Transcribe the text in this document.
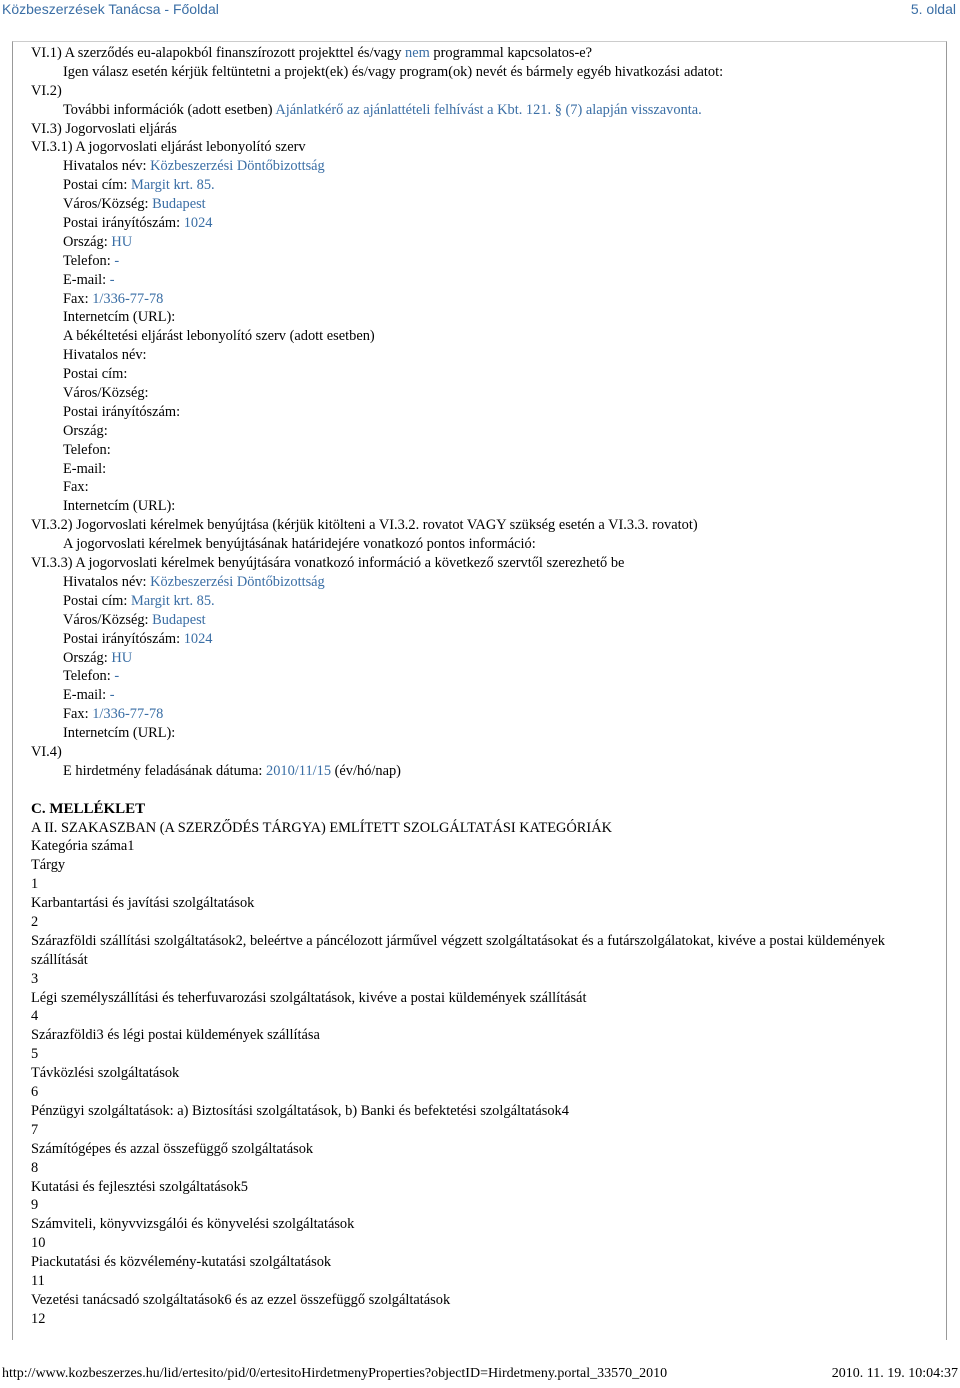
Közbeszerzések Tanácsa - Főoldal	5. oldal
VI.1) A szerződés eu-alapokból finanszírozott projekttel és/vagy nem programmal kapcsolatos-e?
Igen válasz esetén kérjük feltüntetni a projekt(ek) és/vagy program(ok) nevét és bármely egyéb hivatkozási adatot:
VI.2)
További információk (adott esetben) Ajánlatkérő az ajánlattételi felhívást a Kbt. 121. § (7) alapján visszavonta.
VI.3) Jogorvoslati eljárás
VI.3.1) A jogorvoslati eljárást lebonyolító szerv
Hivatalos név: Közbeszerzési Döntőbizottság
Postai cím: Margit krt. 85.
Város/Község: Budapest
Postai irányítószám: 1024
Ország: HU
Telefon: -
E-mail: -
Fax: 1/336-77-78
Internetcím (URL):
A békéltetési eljárást lebonyolító szerv (adott esetben)
Hivatalos név:
Postai cím:
Város/Község:
Postai irányítószám:
Ország:
Telefon:
E-mail:
Fax:
Internetcím (URL):
VI.3.2) Jogorvoslati kérelmek benyújtása (kérjük kitölteni a VI.3.2. rovatot VAGY szükség esetén a VI.3.3. rovatot)
A jogorvoslati kérelmek benyújtásának határidejére vonatkozó pontos információ:
VI.3.3) A jogorvoslati kérelmek benyújtására vonatkozó információ a következő szervtől szerezhető be
Hivatalos név: Közbeszerzési Döntőbizottság
Postai cím: Margit krt. 85.
Város/Község: Budapest
Postai irányítószám: 1024
Ország: HU
Telefon: -
E-mail: -
Fax: 1/336-77-78
Internetcím (URL):
VI.4)
E hirdetmény feladásának dátuma: 2010/11/15 (év/hó/nap)
C. MELLÉKLET
A II. SZAKASZBAN (A SZERZŐDÉS TÁRGYA) EMLÍTETT SZOLGÁLTATÁSI KATEGÓRIÁK
Kategória száma1
Tárgy
1
Karbantartási és javítási szolgáltatások
2
Szárazföldi szállítási szolgáltatások2, beleértve a páncélozott járművel végzett szolgáltatásokat és a futárszolgálatokat, kivéve a postai küldemények szállítását
3
Légi személyszállítási és teherfuvarozási szolgáltatások, kivéve a postai küldemények szállítását
4
Szárazföldi3 és légi postai küldemények szállítása
5
Távközlési szolgáltatások
6
Pénzügyi szolgáltatások: a) Biztosítási szolgáltatások, b) Banki és befektetési szolgáltatások4
7
Számítógépes és azzal összefüggő szolgáltatások
8
Kutatási és fejlesztési szolgáltatások5
9
Számviteli, könyvvizsgálói és könyvelési szolgáltatások
10
Piackutatási és közvélemény-kutatási szolgáltatások
11
Vezetési tanácsadó szolgáltatások6 és az ezzel összefüggő szolgáltatások
12
http://www.kozbeszerzes.hu/lid/ertesito/pid/0/ertesitoHirdetmenyProperties?objectID=Hirdetmeny.portal_33570_2010	2010. 11. 19. 10:04:37
